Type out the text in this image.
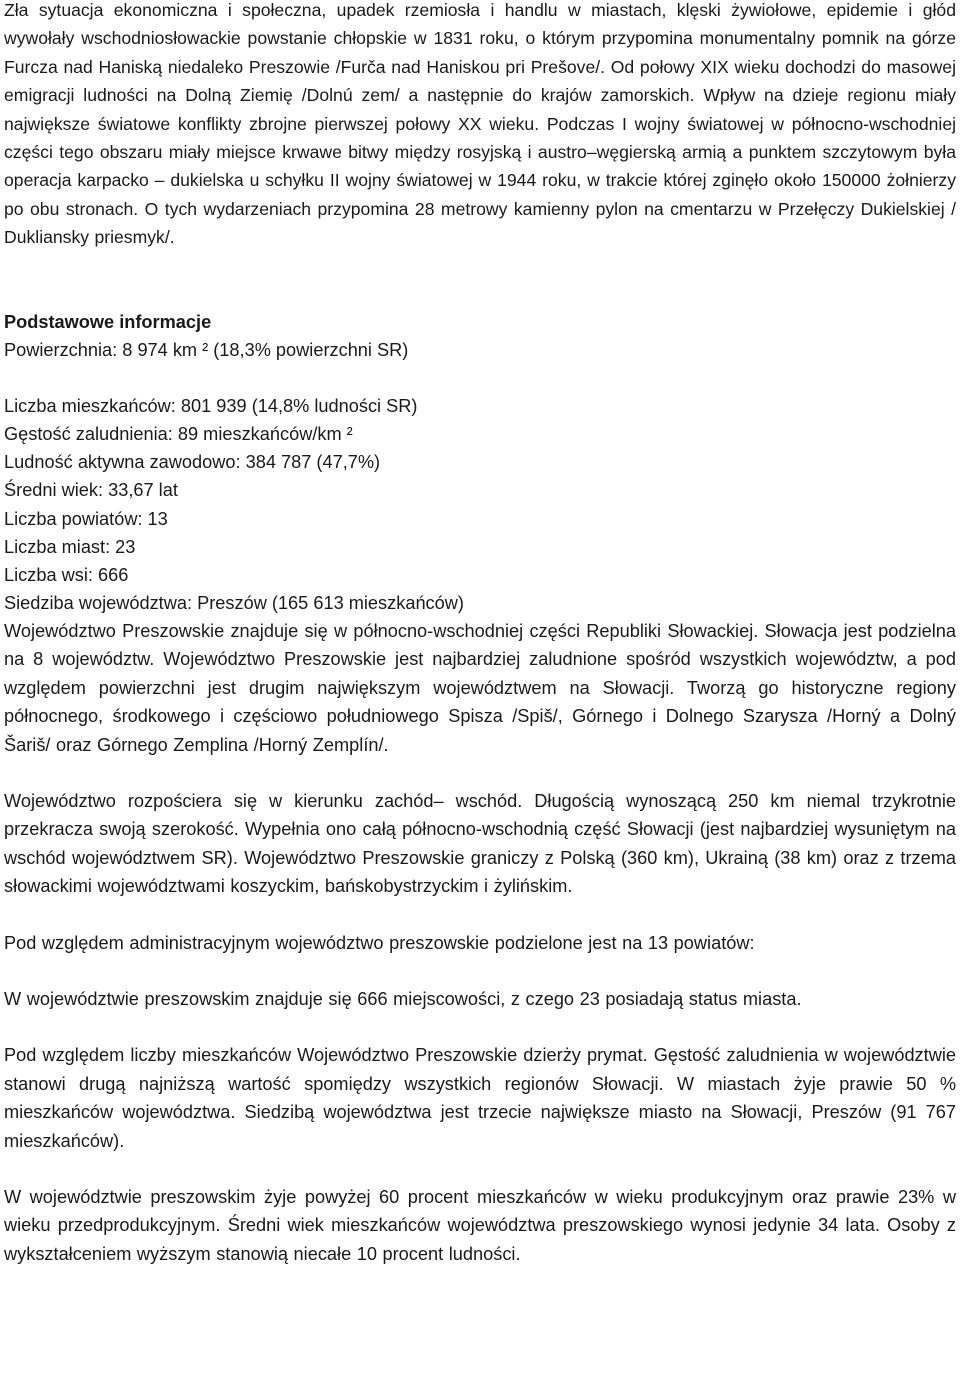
Zła sytuacja ekonomiczna i społeczna, upadek rzemiosła i handlu w miastach, klęski żywiołowe, epidemie i głód wywołały wschodniosłowackie powstanie chłopskie w 1831 roku, o którym przypomina monumentalny pomnik na górze Furcza nad Haniską niedaleko Preszowie /Furča nad Haniskou pri Prešove/. Od połowy XIX wieku dochodzi do masowej emigracji ludności na Dolną Ziemię /Dolnú zem/ a następnie do krajów zamorskich. Wpływ na dzieje regionu miały największe światowe konflikty zbrojne pierwszej połowy XX wieku. Podczas I wojny światowej w północno-wschodniej części tego obszaru miały miejsce krwawe bitwy między rosyjską i austro–węgierską armią a punktem szczytowym była operacja karpacko – dukielska u schyłku II wojny światowej w 1944 roku, w trakcie której zginęło około 150000 żołnierzy po obu stronach. O tych wydarzeniach przypomina 28 metrowy kamienny pylon na cmentarzu w Przełęczy Dukielskiej / Dukliansky priesmyk/.

Podstawowe informacje

Powierzchnia: 8 974 km ² (18,3% powierzchni SR)

Liczba mieszkańców: 801 939 (14,8% ludności SR)

Gęstość zaludnienia: 89 mieszkańców/km ²

Ludność aktywna zawodowo: 384 787 (47,7%)

Średni wiek: 33,67 lat

Liczba powiatów: 13

Liczba miast: 23

Liczba wsi: 666

Siedziba województwa: Preszów (165 613 mieszkańców)

Województwo Preszowskie znajduje się w północno-wschodniej części Republiki Słowackiej. Słowacja jest podzielna na 8 województw. Województwo Preszowskie jest najbardziej zaludnione spośród wszystkich województw, a pod względem powierzchni jest drugim największym województwem na Słowacji. Tworzą go historyczne regiony północnego, środkowego i częściowo południowego Spisza /Spiš/, Górnego i Dolnego Szarysza /Horný a Dolný Šariš/ oraz Górnego Zemplina /Horný Zemplín/.

Województwo rozpościera się w kierunku zachód– wschód. Długością wynoszącą 250 km niemal trzykrotnie przekracza swoją szerokość. Wypełnia ono całą północno-wschodnią część Słowacji (jest najbardziej wysuniętym na wschód województwem SR). Województwo Preszowskie graniczy z Polską (360 km), Ukrainą (38 km) oraz z trzema słowackimi województwami koszyckim, bańskobystrzyckim i żylińskim.

Pod względem administracyjnym województwo preszowskie podzielone jest na 13 powiatów:

W województwie preszowskim znajduje się 666 miejscowości, z czego 23 posiadają status miasta.

Pod względem liczby mieszkańców Województwo Preszowskie dzierży prymat. Gęstość zaludnienia w województwie stanowi drugą najniższą wartość spomiędzy wszystkich regionów Słowacji. W miastach żyje prawie 50 % mieszkańców województwa. Siedzibą województwa jest trzecie największe miasto na Słowacji, Preszów (91 767 mieszkańców).

W województwie preszowskim żyje powyżej 60 procent mieszkańców w wieku produkcyjnym oraz prawie 23% w wieku przedprodukcyjnym. Średni wiek mieszkańców województwa preszowskiego wynosi jedynie 34 lata. Osoby z wykształceniem wyższym stanowią niecałe 10 procent ludności.
